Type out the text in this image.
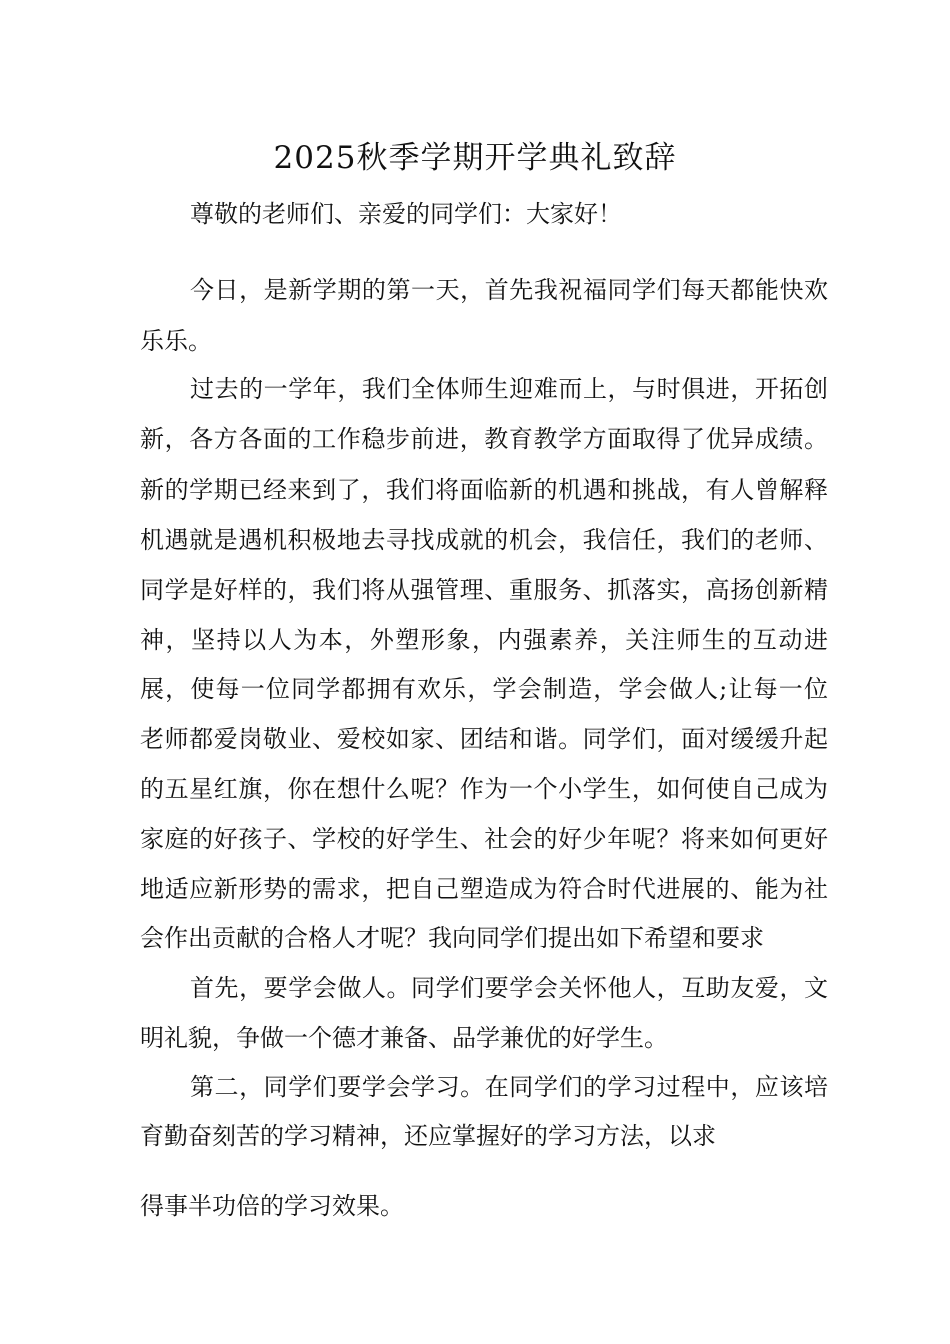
2025秋季学期开学典礼致辞
尊敬的老师们、亲爱的同学们：大家好！
今日，是新学期的第一天，首先我祝福同学们每天都能快欢
乐乐。
过去的一学年，我们全体师生迎难而上，与时俱进，开拓创
新，各方各面的工作稳步前进，教育教学方面取得了优异成绩。
新的学期已经来到了，我们将面临新的机遇和挑战，有人曾解释
机遇就是遇机积极地去寻找成就的机会，我信任，我们的老师、
同学是好样的，我们将从强管理、重服务、抓落实，高扬创新精
神，坚持以人为本，外塑形象，内强素养，关注师生的互动进
展，使每一位同学都拥有欢乐，学会制造，学会做人;让每一位
老师都爱岗敬业、爱校如家、团结和谐。同学们，面对缓缓升起
的五星红旗，你在想什么呢？作为一个小学生，如何使自己成为
家庭的好孩子、学校的好学生、社会的好少年呢？将来如何更好
地适应新形势的需求，把自己塑造成为符合时代进展的、能为社
会作出贡献的合格人才呢？我向同学们提出如下希望和要求
首先，要学会做人。同学们要学会关怀他人，互助友爱，文
明礼貌，争做一个德才兼备、品学兼优的好学生。
第二，同学们要学会学习。在同学们的学习过程中，应该培
育勤奋刻苦的学习精神，还应掌握好的学习方法，以求
得事半功倍的学习效果。
